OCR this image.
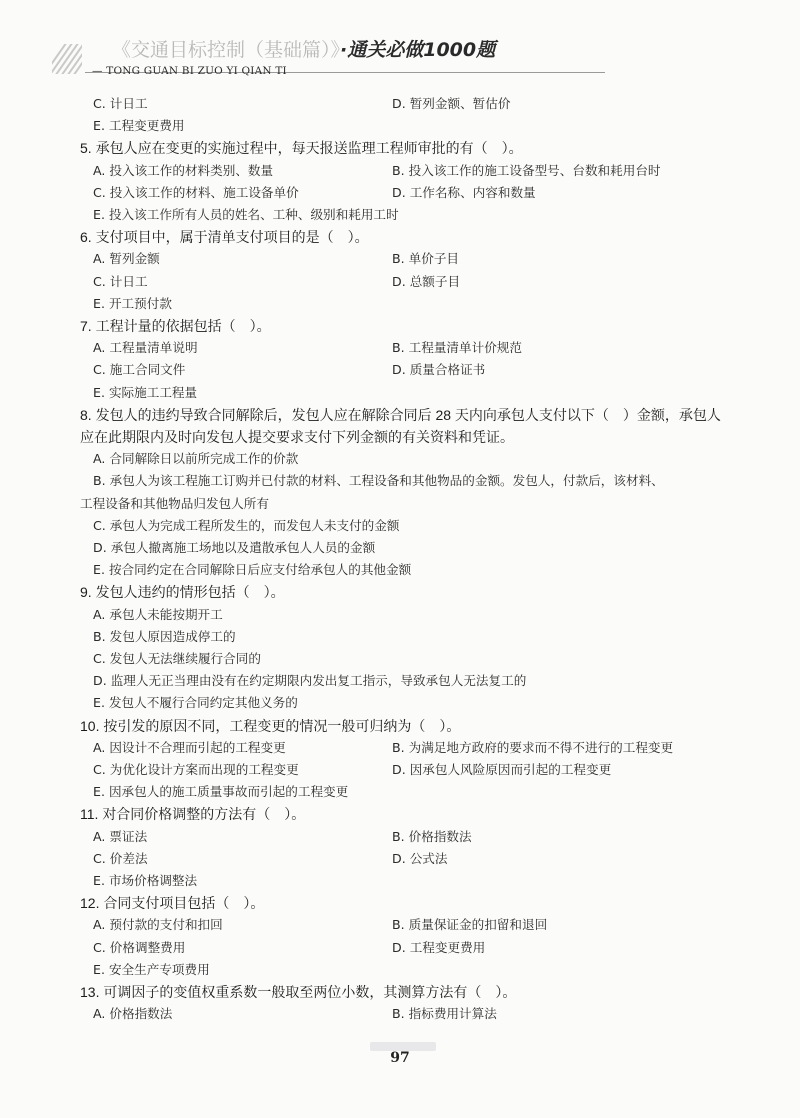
《交通目标控制（基础篇）》·通关必做1000题
— TONG GUAN BI ZUO YI QIAN TI
C. 计日工	D. 暂列金额、暂估价
E. 工程变更费用
5. 承包人应在变更的实施过程中，每天报送监理工程师审批的有（　）。
A. 投入该工作的材料类别、数量	B. 投入该工作的施工设备型号、台数和耗用台时
C. 投入该工作的材料、施工设备单价	D. 工作名称、内容和数量
E. 投入该工作所有人员的姓名、工种、级别和耗用工时
6. 支付项目中，属于清单支付项目的是（　）。
A. 暂列金额	B. 单价子目
C. 计日工	D. 总额子目
E. 开工预付款
7. 工程计量的依据包括（　）。
A. 工程量清单说明	B. 工程量清单计价规范
C. 施工合同文件	D. 质量合格证书
E. 实际施工工程量
8. 发包人的违约导致合同解除后，发包人应在解除合同后 28 天内向承包人支付以下（　）金额，承包人
应在此期限内及时向发包人提交要求支付下列金额的有关资料和凭证。
A. 合同解除日以前所完成工作的价款
B. 承包人为该工程施工订购并已付款的材料、工程设备和其他物品的金额。发包人，付款后，该材料、
工程设备和其他物品归发包人所有
C. 承包人为完成工程所发生的，而发包人未支付的金额
D. 承包人撤离施工场地以及遣散承包人人员的金额
E. 按合同约定在合同解除日后应支付给承包人的其他金额
9. 发包人违约的情形包括（　）。
A. 承包人未能按期开工
B. 发包人原因造成停工的
C. 发包人无法继续履行合同的
D. 监理人无正当理由没有在约定期限内发出复工指示，导致承包人无法复工的
E. 发包人不履行合同约定其他义务的
10. 按引发的原因不同，工程变更的情况一般可归纳为（　）。
A. 因设计不合理而引起的工程变更	B. 为满足地方政府的要求而不得不进行的工程变更
C. 为优化设计方案而出现的工程变更	D. 因承包人风险原因而引起的工程变更
E. 因承包人的施工质量事故而引起的工程变更
11. 对合同价格调整的方法有（　）。
A. 票证法	B. 价格指数法
C. 价差法	D. 公式法
E. 市场价格调整法
12. 合同支付项目包括（　）。
A. 预付款的支付和扣回	B. 质量保证金的扣留和退回
C. 价格调整费用	D. 工程变更费用
E. 安全生产专项费用
13. 可调因子的变值权重系数一般取至两位小数，其测算方法有（　）。
A. 价格指数法	B. 指标费用计算法
97
